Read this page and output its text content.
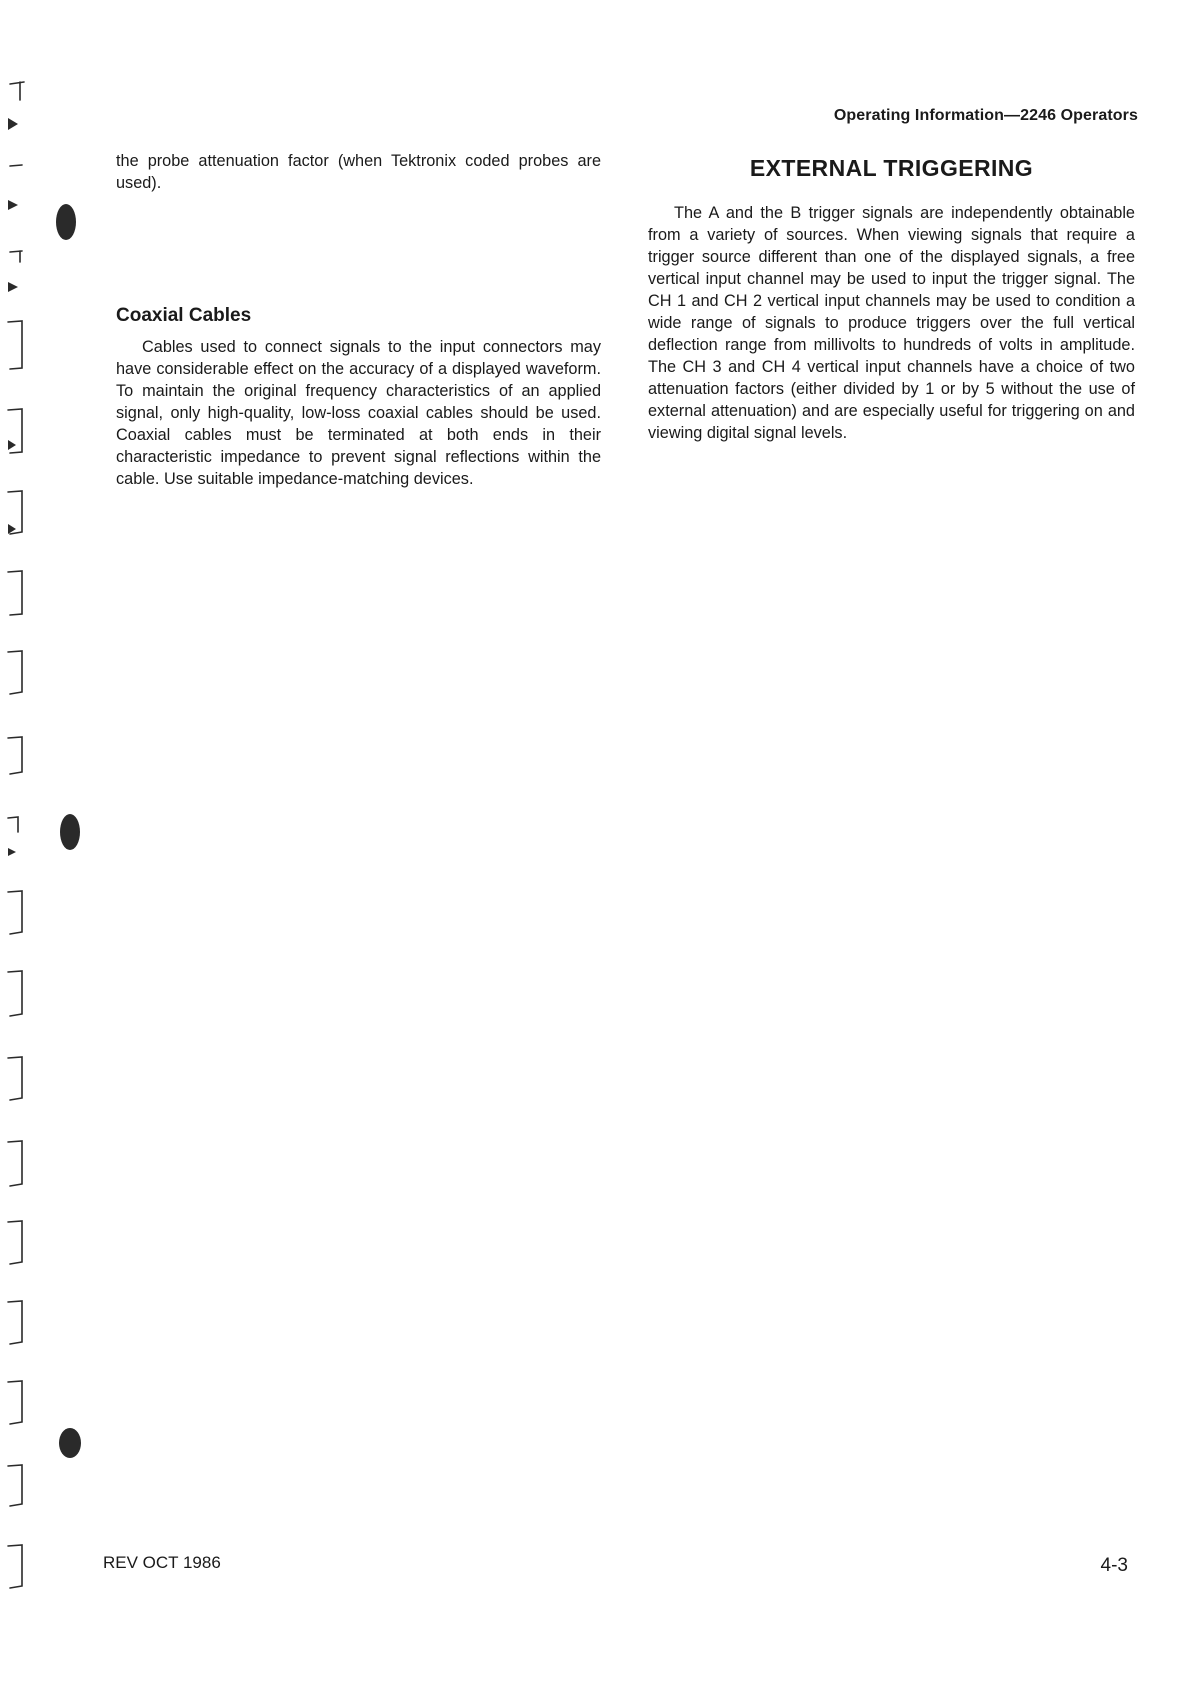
Operating Information—2246 Operators

the probe attenuation factor (when Tektronix coded probes are used).

Coaxial Cables

Cables used to connect signals to the input connectors may have considerable effect on the accuracy of a displayed waveform. To maintain the original frequency characteristics of an applied signal, only high-quality, low-loss coaxial cables should be used. Coaxial cables must be terminated at both ends in their characteristic impedance to prevent signal reflections within the cable. Use suitable impedance-matching devices.

EXTERNAL TRIGGERING

The A and the B trigger signals are independently obtainable from a variety of sources. When viewing signals that require a trigger source different than one of the displayed signals, a free vertical input channel may be used to input the trigger signal. The CH 1 and CH 2 vertical input channels may be used to condition a wide range of signals to produce triggers over the full vertical deflection range from millivolts to hundreds of volts in amplitude. The CH 3 and CH 4 vertical input channels have a choice of two attenuation factors (either divided by 1 or by 5 without the use of external attenuation) and are especially useful for triggering on and viewing digital signal levels.

REV OCT 1986	4-3
